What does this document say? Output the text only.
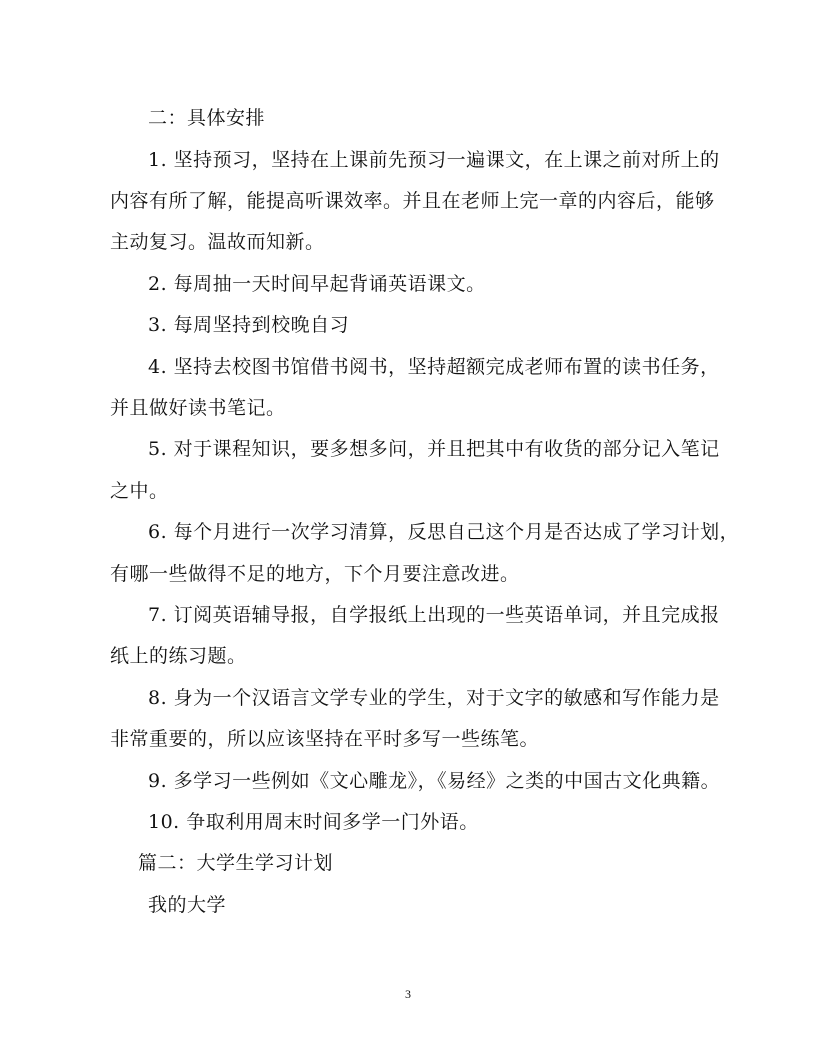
二：具体安排
1. 坚持预习，坚持在上课前先预习一遍课文，在上课之前对所上的
内容有所了解，能提高听课效率。并且在老师上完一章的内容后，能够
主动复习。温故而知新。
2. 每周抽一天时间早起背诵英语课文。
3. 每周坚持到校晚自习
4. 坚持去校图书馆借书阅书，坚持超额完成老师布置的读书任务，
并且做好读书笔记。
5. 对于课程知识，要多想多问，并且把其中有收货的部分记入笔记
之中。
6. 每个月进行一次学习清算，反思自己这个月是否达成了学习计划，
有哪一些做得不足的地方，下个月要注意改进。
7. 订阅英语辅导报，自学报纸上出现的一些英语单词，并且完成报
纸上的练习题。
8. 身为一个汉语言文学专业的学生，对于文字的敏感和写作能力是
非常重要的，所以应该坚持在平时多写一些练笔。
9. 多学习一些例如《文心雕龙》，《易经》之类的中国古文化典籍。
10. 争取利用周末时间多学一门外语。
篇二：大学生学习计划
我的大学
3
